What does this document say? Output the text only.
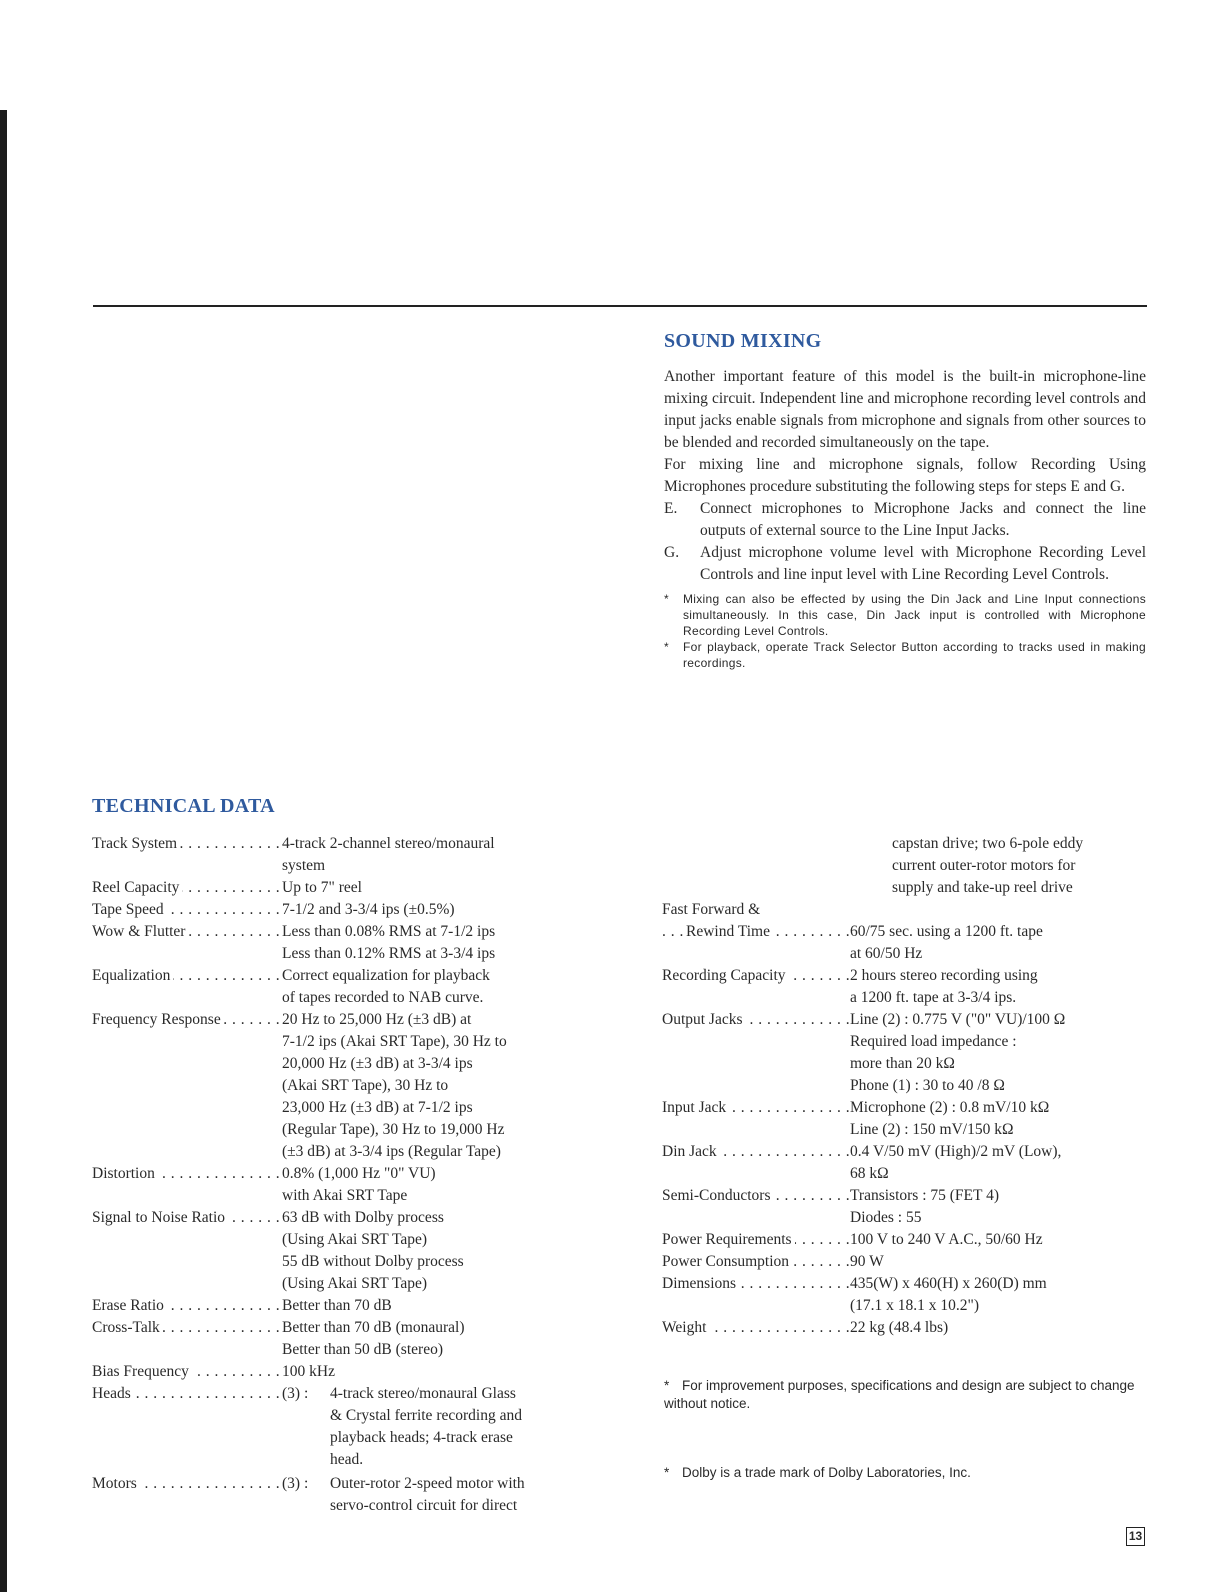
SOUND MIXING

Another important feature of this model is the built-in microphone-line mixing circuit. Independent line and microphone recording level controls and input jacks enable signals from microphone and signals from other sources to be blended and recorded simultaneously on the tape.

For mixing line and microphone signals, follow Recording Using Microphones procedure substituting the following steps for steps E and G.

E.	Connect microphones to Microphone Jacks and connect the line outputs of external source to the Line Input Jacks.
G.	Adjust microphone volume level with Microphone Recording Level Controls and line input level with Line Recording Level Controls.
*	Mixing can also be effected by using the Din Jack and Line Input connections simultaneously. In this case, Din Jack input is controlled with Microphone Recording Level Controls.
*	For playback, operate Track Selector Button according to tracks used in making recordings.
TECHNICAL DATA
Track System . . .	4-track 2-channel stereo/monaural
system
Reel Capacity . . .	Up to 7" reel
Tape Speed . . .	7-1/2 and 3-3/4 ips (±0.5%)
Wow & Flutter . . .	Less than 0.08% RMS at 7-1/2 ips
Less than 0.12% RMS at 3-3/4 ips
Equalization . . .	Correct equalization for playback
of tapes recorded to NAB curve.
Frequency Response . . .	20 Hz to 25,000 Hz (±3 dB) at
7-1/2 ips (Akai SRT Tape), 30 Hz to
20,000 Hz (±3 dB) at 3-3/4 ips
(Akai SRT Tape), 30 Hz to
23,000 Hz (±3 dB) at 7-1/2 ips
(Regular Tape), 30 Hz to 19,000 Hz
(±3 dB) at 3-3/4 ips (Regular Tape)
Distortion . . .	0.8% (1,000 Hz "0" VU)
with Akai SRT Tape
Signal to Noise Ratio . . .	63 dB with Dolby process
(Using Akai SRT Tape)
55 dB without Dolby process
(Using Akai SRT Tape)
Erase Ratio . . .	Better than 70 dB
Cross-Talk . . .	Better than 70 dB (monaural)
Better than 50 dB (stereo)
Bias Frequency . . .	100 kHz
Heads . . .	(3) :	4-track stereo/monaural Glass
& Crystal ferrite recording and
playback heads; 4-track erase
head.
Motors . . .	(3) :	Outer-rotor 2-speed motor with
servo-control circuit for direct
capstan drive; two 6-pole eddy
current outer-rotor motors for
supply and take-up reel drive
Fast Forward &
Rewind Time . . .	60/75 sec. using a 1200 ft. tape
at 60/50 Hz
Recording Capacity . . .	2 hours stereo recording using
a 1200 ft. tape at 3-3/4 ips.
Output Jacks . . .	Line (2) : 0.775 V ("0" VU)/100 Ω
Required load impedance :
more than 20 kΩ
Phone (1) : 30 to 40 /8 Ω
Input Jack . . .	Microphone (2) : 0.8 mV/10 kΩ
Line (2) : 150 mV/150 kΩ
Din Jack . . .	0.4 V/50 mV (High)/2 mV (Low),
68 kΩ
Semi-Conductors . . .	Transistors : 75 (FET 4)
Diodes : 55
Power Requirements . . .	100 V to 240 V A.C., 50/60 Hz
Power Consumption . . .	90 W
Dimensions . . .	435(W) x 460(H) x 260(D) mm
(17.1 x 18.1 x 10.2")
Weight . . .	22 kg (48.4 lbs)
* For improvement purposes, specifications and design are subject to change without notice.
* Dolby is a trade mark of Dolby Laboratories, Inc.
13
